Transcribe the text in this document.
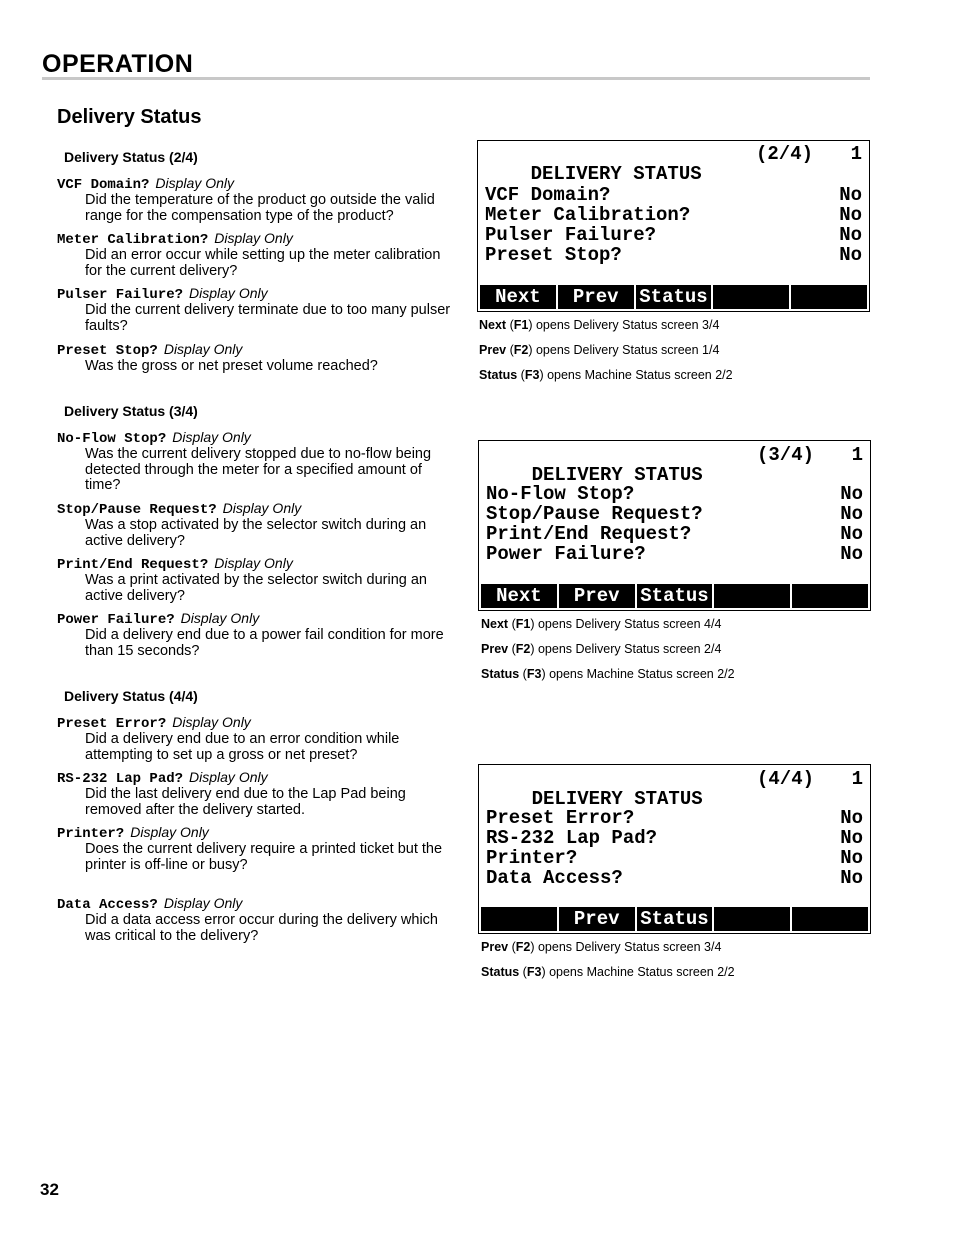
OPERATION
Delivery Status
Delivery Status (2/4)
VCF Domain? Display Only
Did the temperature of the product go outside the valid range for the compensation type of the product?
Meter Calibration? Display Only
Did an error occur while setting up the meter calibration for the current delivery?
Pulser Failure? Display Only
Did the current delivery terminate due to too many pulser faults?
Preset Stop? Display Only
Was the gross or net preset volume reached?
Delivery Status (3/4)
No-Flow Stop? Display Only
Was the current delivery stopped due to no-flow being detected through the meter for a specified amount of time?
Stop/Pause Request? Display Only
Was a stop activated by the selector switch during an active delivery?
Print/End Request? Display Only
Was a print activated by the selector switch during an active delivery?
Power Failure? Display Only
Did a delivery end due to a power fail condition for more than 15 seconds?
Delivery Status (4/4)
Preset Error? Display Only
Did a delivery end due to an error condition while attempting to set up a gross or net preset?
RS-232 Lap Pad? Display Only
Did the last delivery end due to the Lap Pad being removed after the delivery started.
Printer? Display Only
Does the current delivery require a printed ticket but the printer is off-line or busy?
Data Access? Display Only
Did a data access error occur during the delivery which was critical to the delivery?

DELIVERY STATUS

(2/4)

1

VCF Domain?	No
Meter Calibration?	No
Pulser Failure?	No
Preset Stop?	No
Next	Prev	Status
Next (F1) opens Delivery Status screen 3/4
Prev (F2) opens Delivery Status screen 1/4
Status (F3) opens Machine Status screen 2/2

DELIVERY STATUS

(3/4)

1

No-Flow Stop?	No
Stop/Pause Request?	No
Print/End Request?	No
Power Failure?	No
Next	Prev	Status
Next (F1) opens Delivery Status screen 4/4
Prev (F2) opens Delivery Status screen 2/4
Status (F3) opens Machine Status screen 2/2

DELIVERY STATUS

(4/4)

1

Preset Error?	No
RS-232 Lap Pad?	No
Printer?	No
Data Access?	No
Prev	Status
Prev (F2) opens Delivery Status screen 3/4
Status (F3) opens Machine Status screen 2/2
32
